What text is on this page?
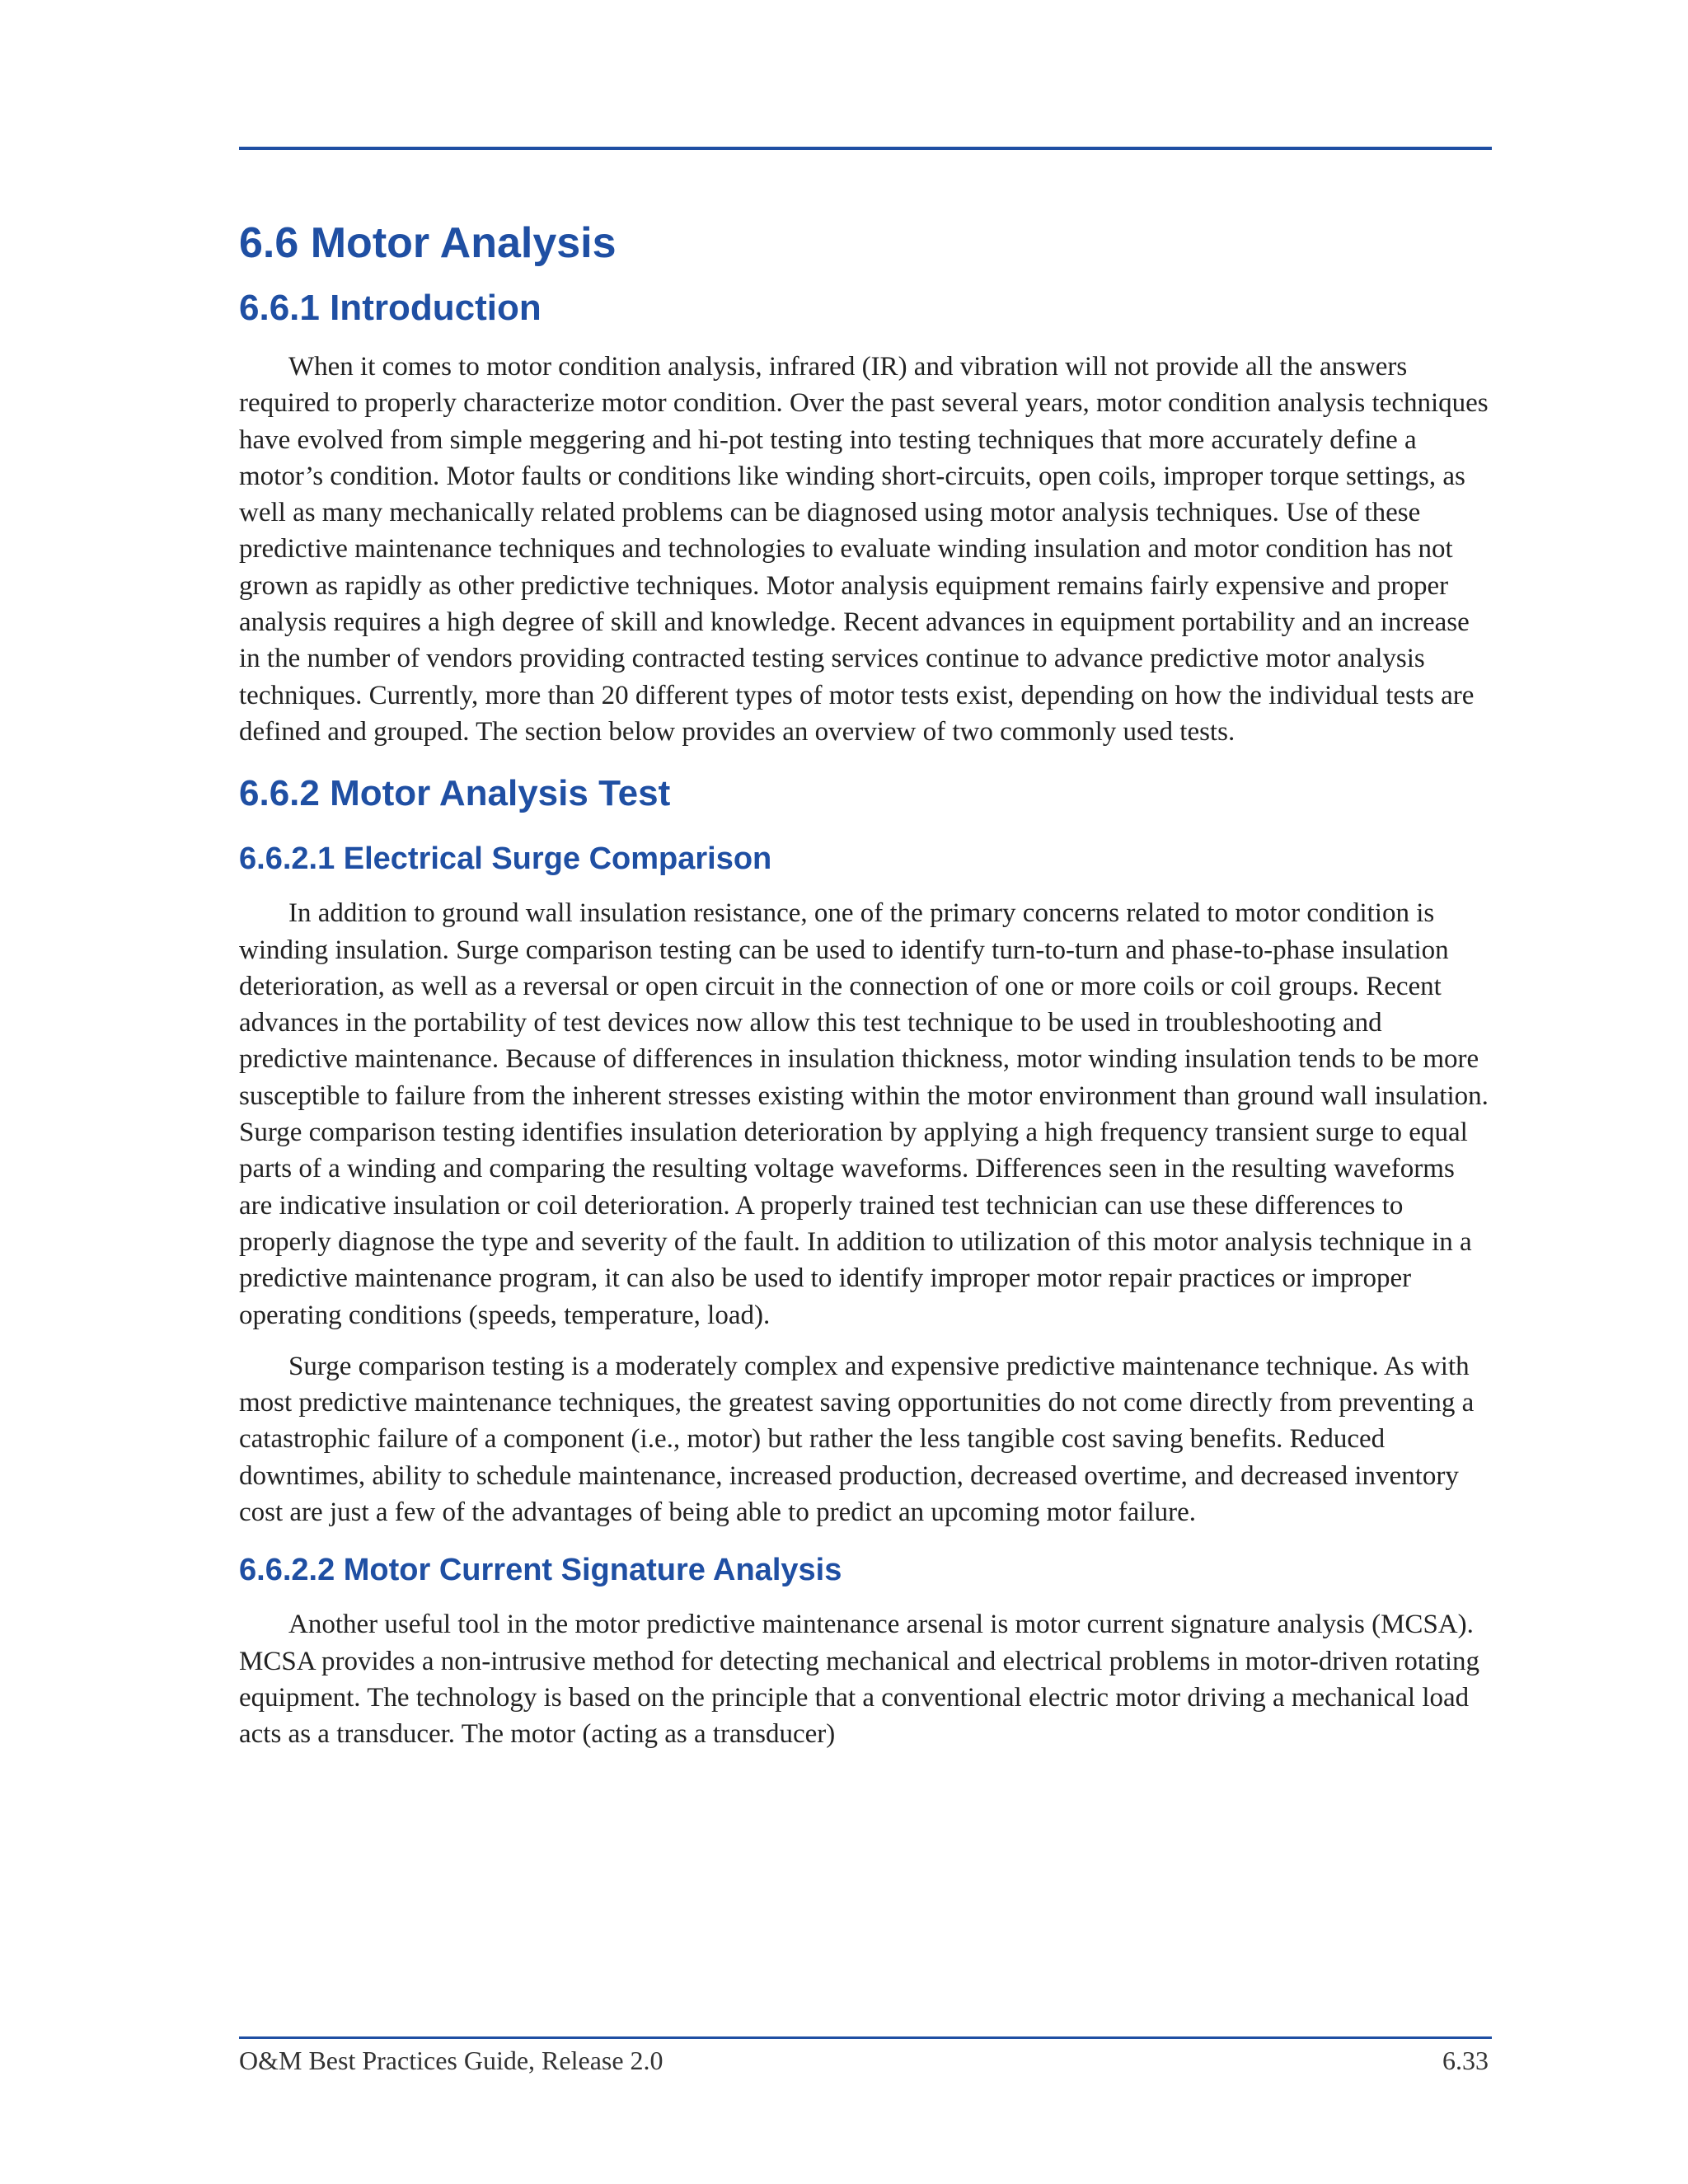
6.6 Motor Analysis
6.6.1 Introduction

When it comes to motor condition analysis, infrared (IR) and vibration will not provide all the answers required to properly characterize motor condition. Over the past several years, motor condition analysis techniques have evolved from simple meggering and hi-pot testing into testing techniques that more accurately define a motor’s condition. Motor faults or conditions like winding short-circuits, open coils, improper torque settings, as well as many mechanically related problems can be diagnosed using motor analysis techniques. Use of these predictive maintenance techniques and technologies to evaluate winding insulation and motor condition has not grown as rapidly as other predictive techniques. Motor analysis equipment remains fairly expensive and proper analysis requires a high degree of skill and knowledge. Recent advances in equipment portability and an increase in the number of vendors providing contracted testing services continue to advance predictive motor analysis techniques. Currently, more than 20 different types of motor tests exist, depending on how the individual tests are defined and grouped. The section below provides an overview of two commonly used tests.

6.6.2 Motor Analysis Test
6.6.2.1 Electrical Surge Comparison

In addition to ground wall insulation resistance, one of the primary concerns related to motor condition is winding insulation. Surge comparison testing can be used to identify turn-to-turn and phase-to-phase insulation deterioration, as well as a reversal or open circuit in the connection of one or more coils or coil groups. Recent advances in the portability of test devices now allow this test technique to be used in troubleshooting and predictive maintenance. Because of differences in insulation thickness, motor winding insulation tends to be more susceptible to failure from the inherent stresses existing within the motor environment than ground wall insulation. Surge comparison testing identifies insulation deterioration by applying a high frequency transient surge to equal parts of a winding and comparing the resulting voltage waveforms. Differences seen in the resulting waveforms are indicative insulation or coil deterioration. A properly trained test technician can use these differences to properly diagnose the type and severity of the fault. In addition to utilization of this motor analysis technique in a predictive maintenance program, it can also be used to identify improper motor repair practices or improper operating conditions (speeds, temperature, load).

Surge comparison testing is a moderately complex and expensive predictive maintenance technique. As with most predictive maintenance techniques, the greatest saving opportunities do not come directly from preventing a catastrophic failure of a component (i.e., motor) but rather the less tangible cost saving benefits. Reduced downtimes, ability to schedule maintenance, increased production, decreased overtime, and decreased inventory cost are just a few of the advantages of being able to predict an upcoming motor failure.

6.6.2.2 Motor Current Signature Analysis

Another useful tool in the motor predictive maintenance arsenal is motor current signature analysis (MCSA). MCSA provides a non-intrusive method for detecting mechanical and electrical problems in motor-driven rotating equipment. The technology is based on the principle that a conventional electric motor driving a mechanical load acts as a transducer. The motor (acting as a transducer)

O&M Best Practices Guide, Release 2.0	6.33
